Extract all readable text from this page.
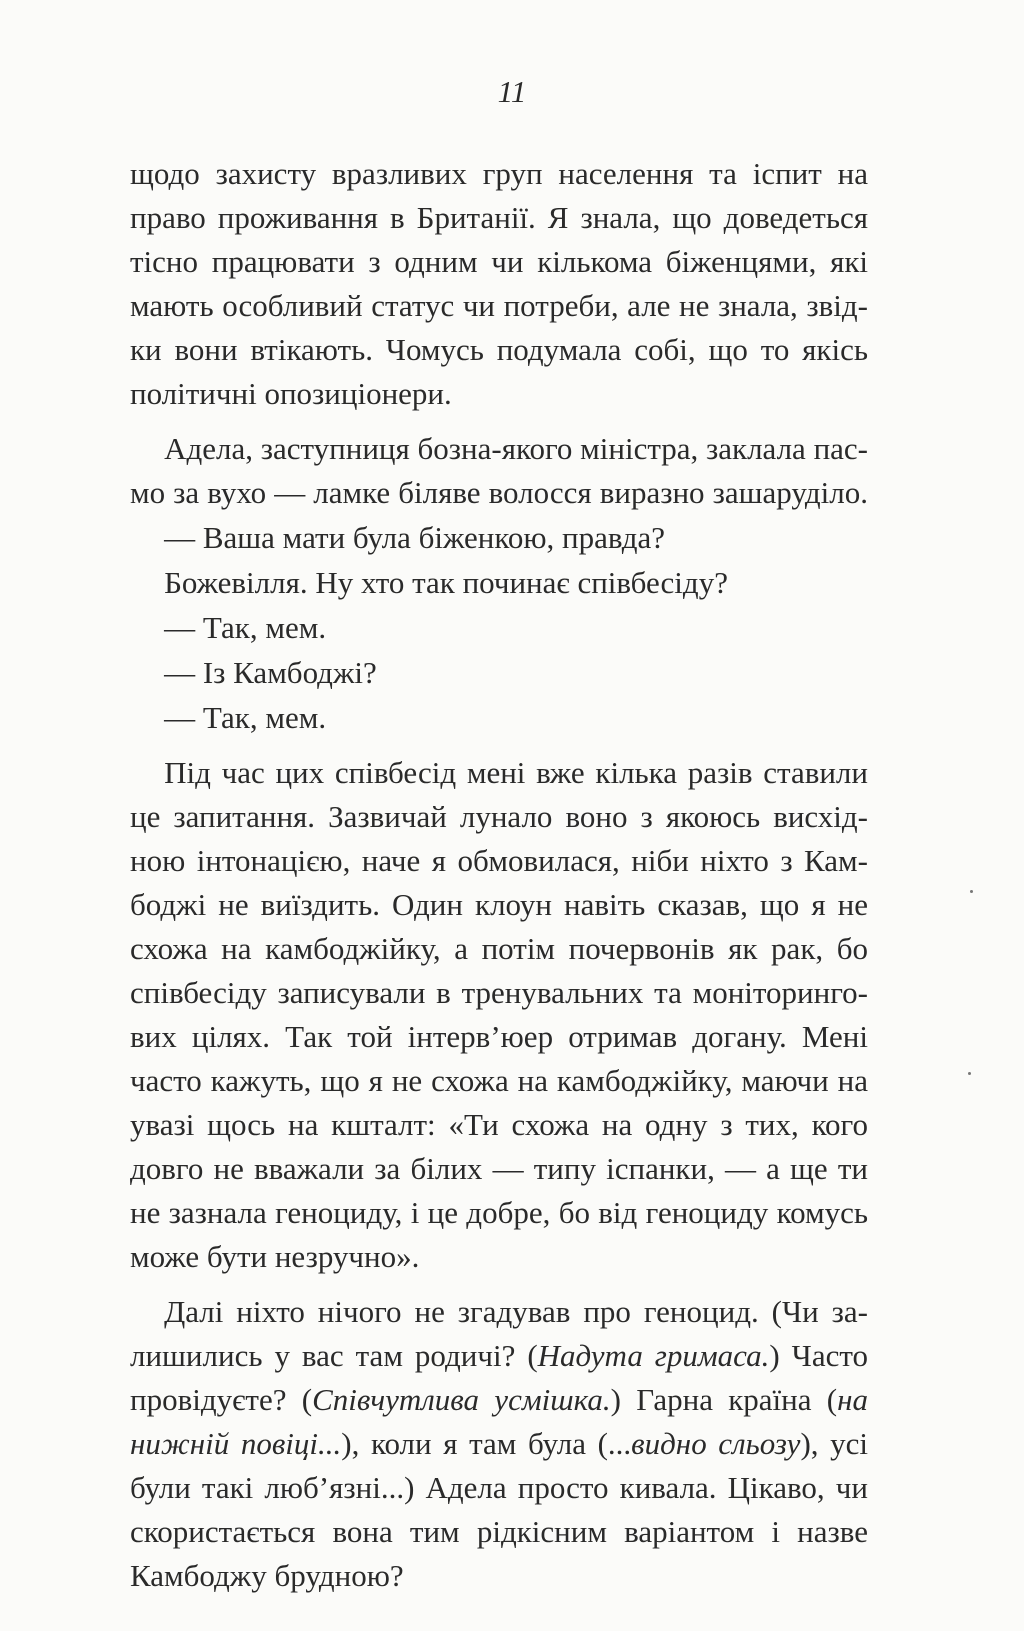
11
щодо захисту вразливих груп населення та іспит на
право проживання в Британії. Я знала, що доведеться
тісно працювати з одним чи кількома біженцями, які
мають особливий статус чи потреби, але не знала, звід-
ки вони втікають. Чомусь подумала собі, що то якісь
політичні опозиціонери.
Адела, заступниця бозна-якого міністра, заклала пас-
мо за вухо — ламке біляве волосся виразно зашаруділо.
— Ваша мати була біженкою, правда?
Божевілля. Ну хто так починає співбесіду?
— Так, мем.
— Із Камбоджі?
— Так, мем.
Під час цих співбесід мені вже кілька разів ставили
це запитання. Зазвичай лунало воно з якоюсь висхід-
ною інтонацією, наче я обмовилася, ніби ніхто з Кам-
боджі не виїздить. Один клоун навіть сказав, що я не
схожа на камбоджійку, а потім почервонів як рак, бо
співбесіду записували в тренувальних та моніторинго-
вих цілях. Так той інтерв’юер отримав догану. Мені
часто кажуть, що я не схожа на камбоджійку, маючи на
увазі щось на кшталт: «Ти схожа на одну з тих, кого
довго не вважали за білих — типу іспанки, — а ще ти
не зазнала геноциду, і це добре, бо від геноциду комусь
може бути незручно».
Далі ніхто нічого не згадував про геноцид. (Чи за-
лишились у вас там родичі? (Надута гримаса.) Часто
провідуєте? (Співчутлива усмішка.) Гарна країна (на
нижній повіці...), коли я там була (...видно сльозу), усі
були такі люб’язні...) Адела просто кивала. Цікаво, чи
скористається вона тим рідкісним варіантом і назве
Камбоджу брудною?
